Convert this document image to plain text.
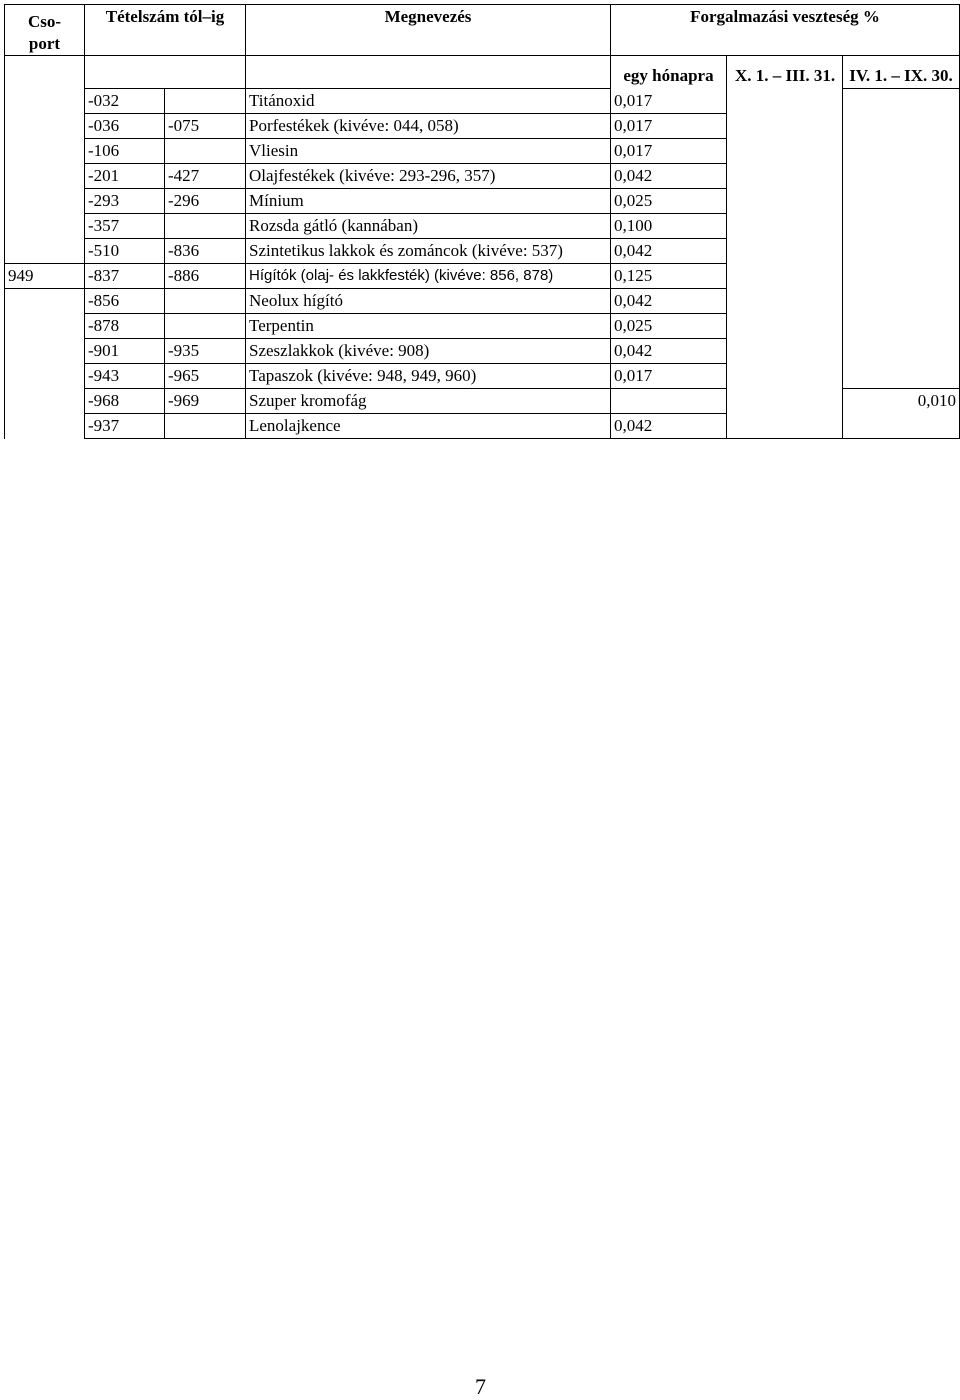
Cso-
port	Tételszám tól–ig		Megnevezés	Forgalmazási veszteség %		
				egy hónapra	X. 1. – III. 31.	IV. 1. – IX. 30.
	-032		Titánoxid	0,017		
	-036	-075	Porfestékek (kivéve: 044, 058)	0,017		
	-106		Vliesin	0,017		
	-201	-427	Olajfestékek (kivéve: 293-296, 357)	0,042		
	-293	-296	Mínium	0,025		
	-357		Rozsda gátló (kannában)	0,100		
	-510	-836	Szintetikus lakkok és zománcok (kivéve: 537)	0,042		
949	-837	-886	Hígítók (olaj- és lakkfesték) (kivéve: 856, 878)	0,125		
	-856		Neolux hígító	0,042		
	-878		Terpentin	0,025		
	-901	-935	Szeszlakkok (kivéve: 908)	0,042		
	-943	-965	Tapaszok (kivéve: 948, 949, 960)	0,017		
	-968	-969	Szuper kromofág			0,010
	-937		Lenolajkence	0,042		
7
